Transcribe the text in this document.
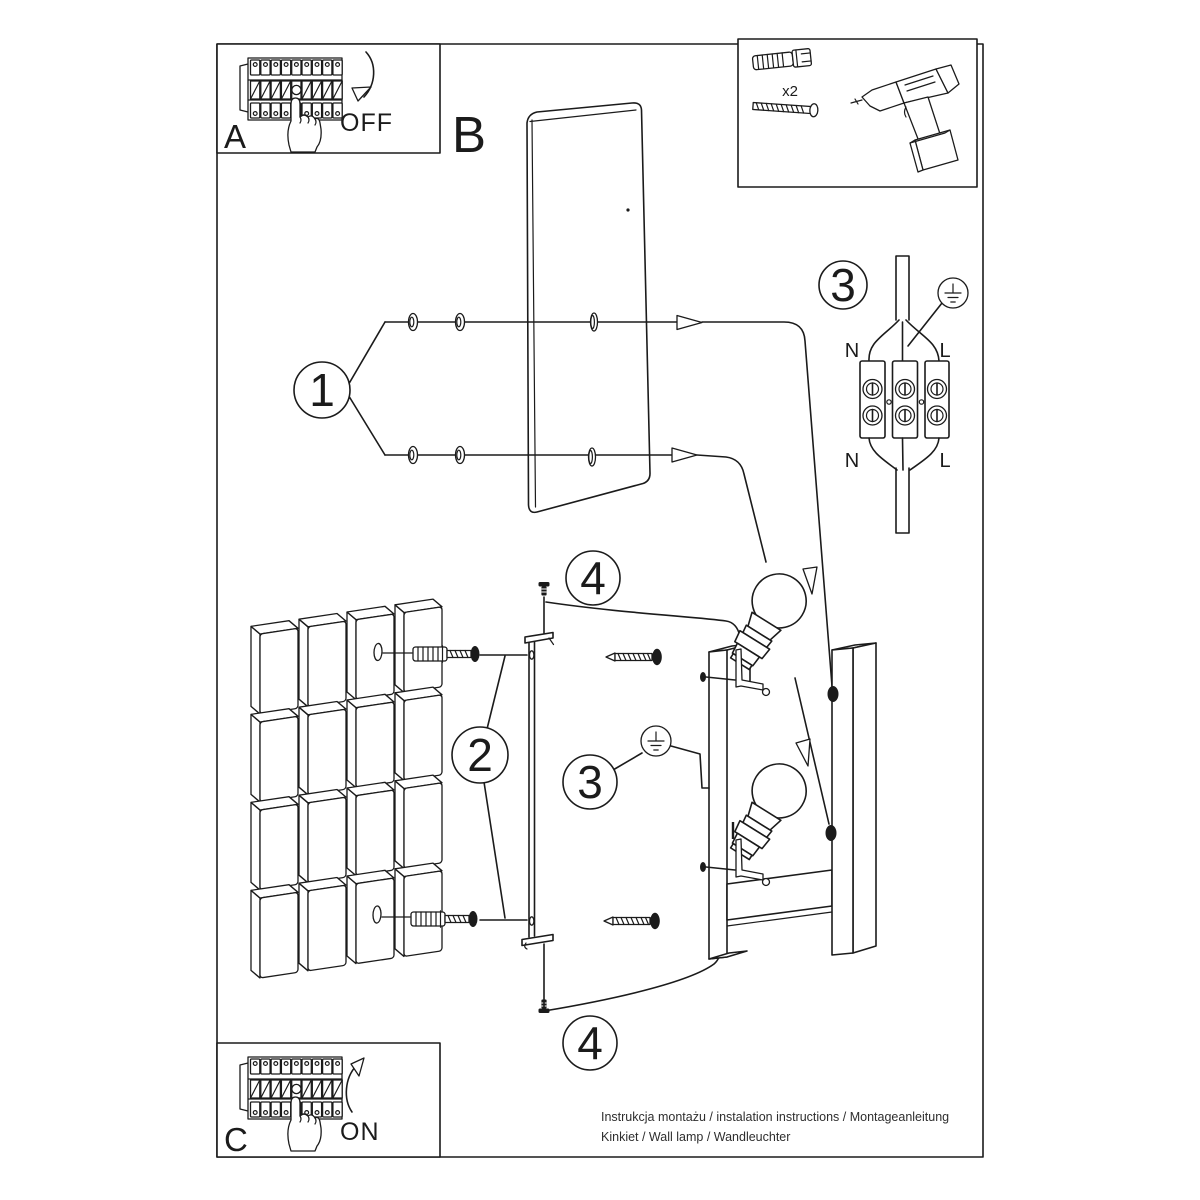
B
1
2
4
4
3
3
N	L
N	L
A	OFF
C	ON
x2
Instrukcja montażu / instalation instructions / Montageanleitung
Kinkiet / Wall lamp / Wandleuchter
